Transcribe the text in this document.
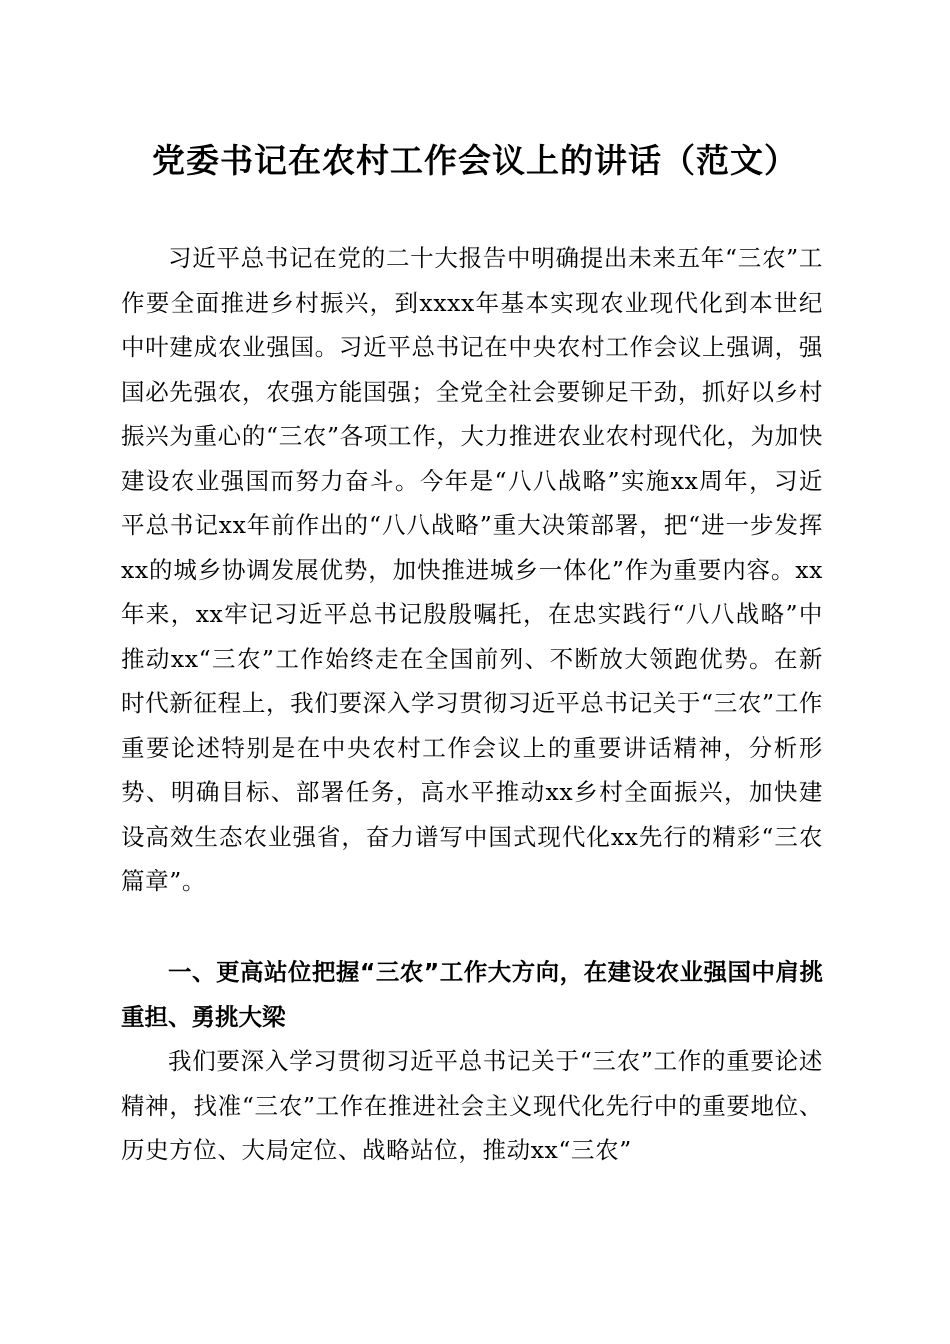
党委书记在农村工作会议上的讲话（范文）

习近平总书记在党的二十大报告中明确提出未来五年“三农”工作要全面推进乡村振兴，到xxxx年基本实现农业现代化到本世纪中叶建成农业强国。习近平总书记在中央农村工作会议上强调，强国必先强农，农强方能国强；全党全社会要铆足干劲，抓好以乡村振兴为重心的“三农”各项工作，大力推进农业农村现代化，为加快建设农业强国而努力奋斗。今年是“八八战略”实施xx周年，习近平总书记xx年前作出的“八八战略”重大决策部署，把“进一步发挥xx的城乡协调发展优势，加快推进城乡一体化”作为重要内容。xx年来，xx牢记习近平总书记殷殷嘱托，在忠实践行“八八战略”中推动xx“三农”工作始终走在全国前列、不断放大领跑优势。在新时代新征程上，我们要深入学习贯彻习近平总书记关于“三农”工作重要论述特别是在中央农村工作会议上的重要讲话精神，分析形势、明确目标、部署任务，高水平推动xx乡村全面振兴，加快建设高效生态农业强省，奋力谱写中国式现代化xx先行的精彩“三农篇章”。

一、更高站位把握“三农”工作大方向，在建设农业强国中肩挑重担、勇挑大梁

我们要深入学习贯彻习近平总书记关于“三农”工作的重要论述精神，找准“三农”工作在推进社会主义现代化先行中的重要地位、历史方位、大局定位、战略站位，推动xx“三农”
